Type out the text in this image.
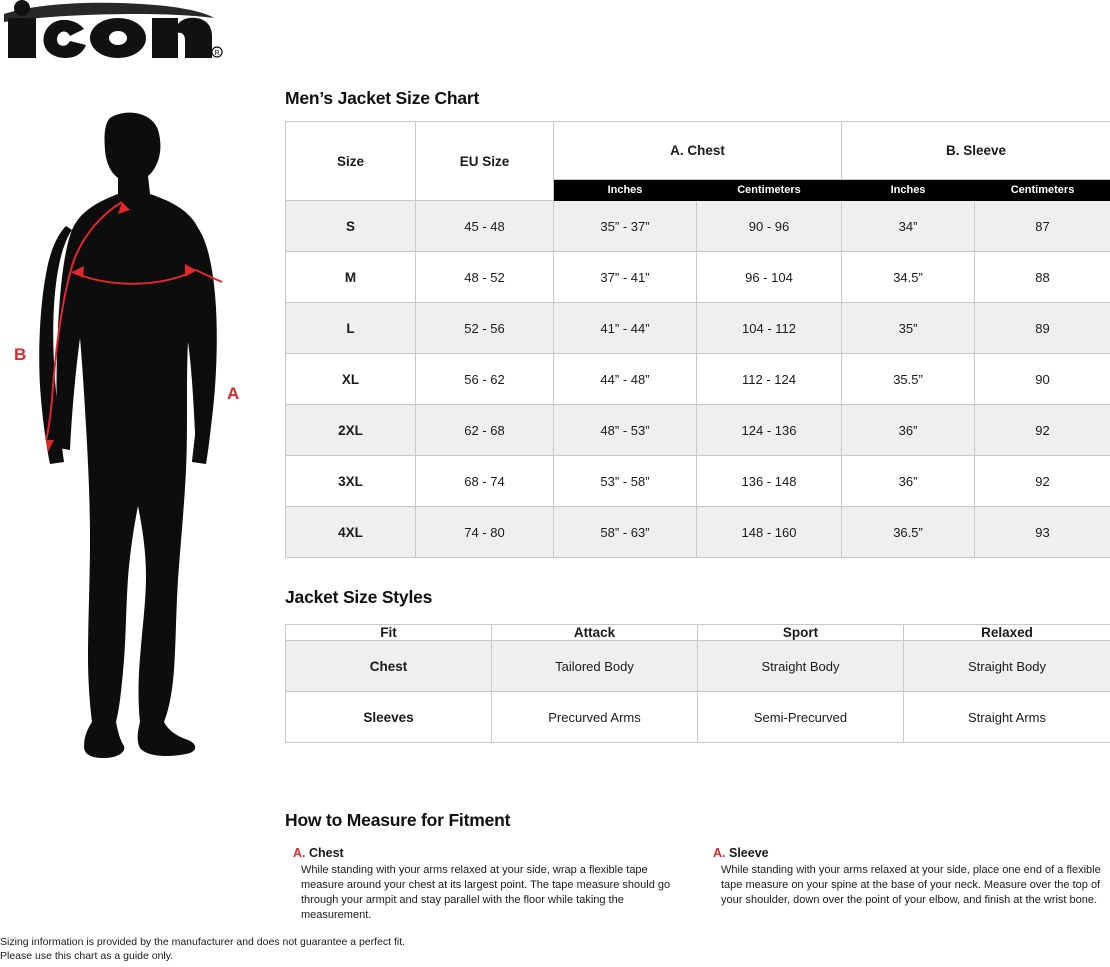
R
A
B
Men’s Jacket Size Chart
Size	EU Size	A. Chest		B. Sleeve	
		Inches	Centimeters	Inches	Centimeters
S	45 - 48	35” - 37”	90 - 96	34”	87
M	48 - 52	37” - 41”	96 - 104	34.5”	88
L	52 - 56	41” - 44”	104 - 112	35”	89
XL	56 - 62	44” - 48”	112 - 124	35.5”	90
2XL	62 - 68	48” - 53”	124 - 136	36”	92
3XL	68 - 74	53” - 58”	136 - 148	36”	92
4XL	74 - 80	58” - 63”	148 - 160	36.5”	93
Jacket Size Styles
Fit	Attack	Sport	Relaxed
Chest	Tailored Body	Straight Body	Straight Body
Sleeves	Precurved Arms	Semi-Precurved	Straight Arms
How to Measure for Fitment
A. Chest
While standing with your arms relaxed at your side, wrap a flexible tape measure around your chest at its largest point. The tape measure should go through your armpit and stay parallel with the floor while taking the measurement.
A. Sleeve
While standing with your arms relaxed at your side, place one end of a flexible tape measure on your spine at the base of your neck. Measure over the top of your shoulder, down over the point of your elbow, and finish at the wrist bone.
Sizing information is provided by the manufacturer and does not guarantee a perfect fit.
Please use this chart as a guide only.
